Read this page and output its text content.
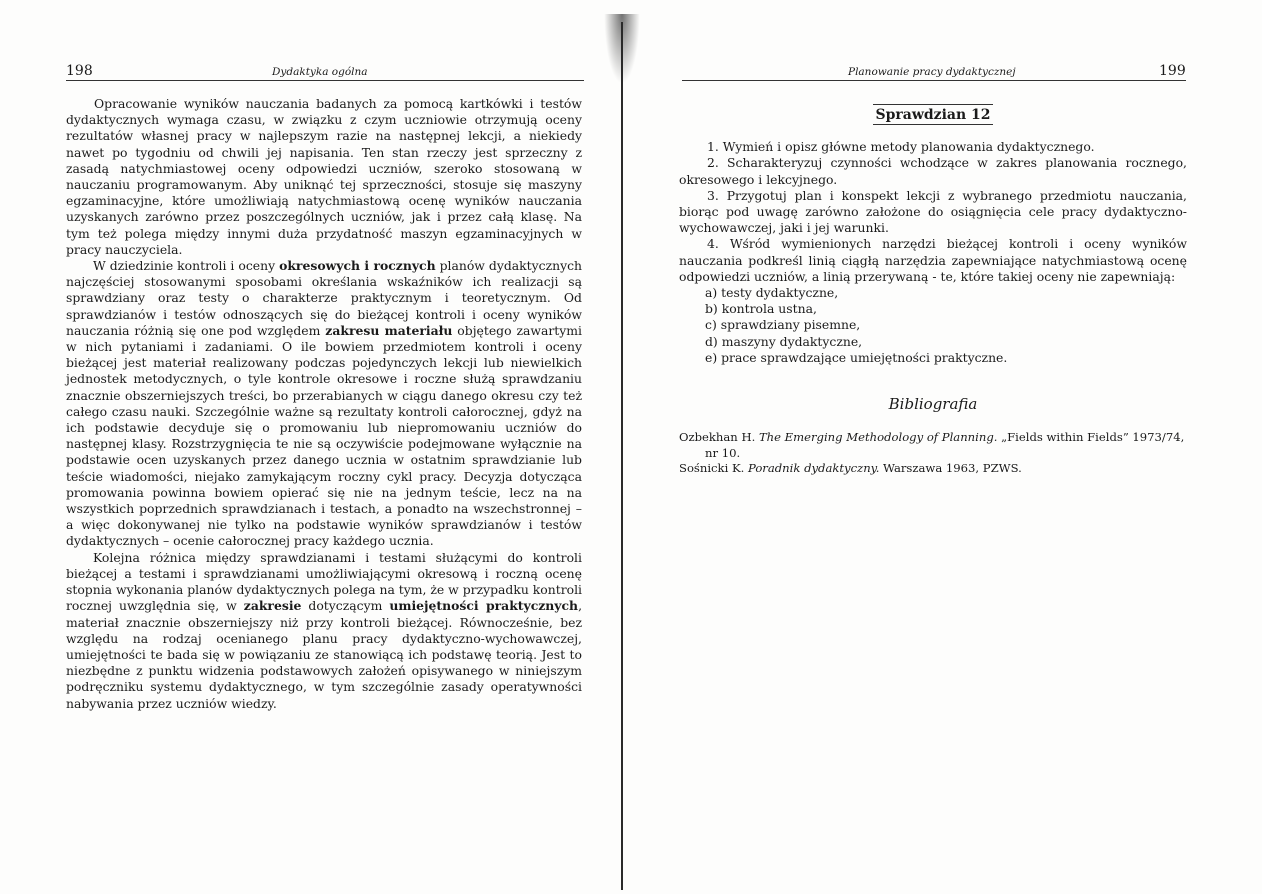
198	Dydaktyka ogólna

Opracowanie wyników nauczania badanych za pomocą kartkówki i testów dydaktycznych wymaga czasu, w związku z czym uczniowie otrzymują oceny rezultatów własnej pracy w najlepszym razie na następnej lekcji, a niekiedy nawet po tygodniu od chwili jej napisania. Ten stan rzeczy jest sprzeczny z zasadą natychmiastowej oceny odpowiedzi uczniów, szeroko stosowaną w nauczaniu programowanym. Aby uniknąć tej sprzeczności, stosuje się maszyny egzaminacyjne, które umożliwiają natychmiastową ocenę wyników nauczania uzyskanych zarówno przez poszczególnych uczniów, jak i przez całą klasę. Na tym też polega między innymi duża przydatność maszyn egzaminacyjnych w pracy nauczyciela.

W dziedzinie kontroli i oceny okresowych i rocznych planów dydaktycznych najczęściej stosowanymi sposobami określania wskaźników ich realizacji są sprawdziany oraz testy o charakterze praktycznym i teoretycznym. Od sprawdzianów i testów odnoszących się do bieżącej kontroli i oceny wyników nauczania różnią się one pod względem zakresu materiału objętego zawartymi w nich pytaniami i zadaniami. O ile bowiem przedmiotem kontroli i oceny bieżącej jest materiał realizowany podczas pojedynczych lekcji lub niewielkich jednostek metodycznych, o tyle kontrole okresowe i roczne służą sprawdzaniu znacznie obszerniejszych treści, bo przerabianych w ciągu danego okresu czy też całego czasu nauki. Szczególnie ważne są rezultaty kontroli całorocznej, gdyż na ich podstawie decyduje się o promowaniu lub niepromowaniu uczniów do następnej klasy. Rozstrzygnięcia te nie są oczywiście podejmowane wyłącznie na podstawie ocen uzyskanych przez danego ucznia w ostatnim sprawdzianie lub teście wiadomości, niejako zamykającym roczny cykl pracy. Decyzja dotycząca promowania powinna bowiem opierać się nie na jednym teście, lecz na na wszystkich poprzednich sprawdzianach i testach, a ponadto na wszechstronnej – a więc dokonywanej nie tylko na podstawie wyników sprawdzianów i testów dydaktycznych – ocenie całorocznej pracy każdego ucznia.

Kolejna różnica między sprawdzianami i testami służącymi do kontroli bieżącej a testami i sprawdzianami umożliwiającymi okresową i roczną ocenę stopnia wykonania planów dydaktycznych polega na tym, że w przypadku kontroli rocznej uwzględnia się, w zakresie dotyczącym umiejętności praktycznych, materiał znacznie obszerniejszy niż przy kontroli bieżącej. Równocześnie, bez względu na rodzaj ocenianego planu pracy dydaktyczno-wychowawczej, umiejętności te bada się w powiązaniu ze stanowiącą ich podstawę teorią. Jest to niezbędne z punktu widzenia podstawowych założeń opisywanego w niniejszym podręczniku systemu dydaktycznego, w tym szczególnie zasady operatywności nabywania przez uczniów wiedzy.

Planowanie pracy dydaktycznej	199
Sprawdzian 12

1. Wymień i opisz główne metody planowania dydaktycznego.

2. Scharakteryzuj czynności wchodzące w zakres planowania rocznego, okresowego i lekcyjnego.

3. Przygotuj plan i konspekt lekcji z wybranego przedmiotu nauczania, biorąc pod uwagę zarówno założone do osiągnięcia cele pracy dydaktyczno-wychowawczej, jaki i jej warunki.

4. Wśród wymienionych narzędzi bieżącej kontroli i oceny wyników nauczania podkreśl linią ciągłą narzędzia zapewniające natychmiastową ocenę odpowiedzi uczniów, a linią przerywaną - te, które takiej oceny nie zapewniają:

a) testy dydaktyczne,

b) kontrola ustna,

c) sprawdziany pisemne,

d) maszyny dydaktyczne,

e) prace sprawdzające umiejętności praktyczne.

Bibliografia

Ozbekhan H. The Emerging Methodology of Planning. „Fields within Fields” 1973/74, nr 10.

Sośnicki K. Poradnik dydaktyczny. Warszawa 1963, PZWS.
